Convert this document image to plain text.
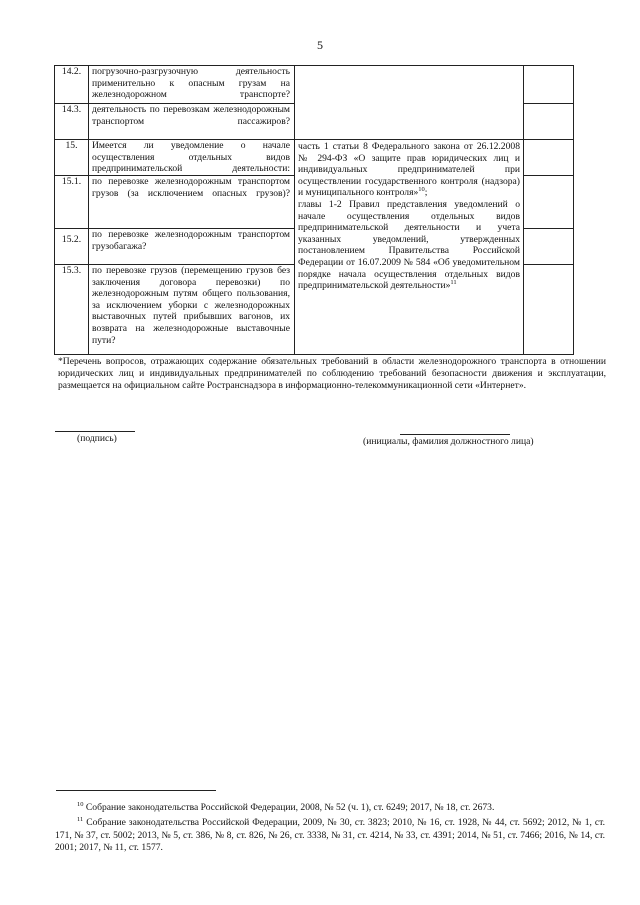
5
14.2.	погрузочно-разгрузочную деятельность применительно к опасным грузам на железнодорожном транспорте?
14.3.	деятельность по перевозкам железнодорожным транспортом пассажиров?
15.	Имеется ли уведомление о начале осуществления отдельных видов предпринимательской деятельности:
15.1.	по перевозке железнодорожным транспортом грузов (за исключением опасных грузов)?
15.2.	по перевозке железнодорожным транспортом грузобагажа?
15.3.	по перевозке грузов (перемещению грузов без заключения договора перевозки) по железнодорожным путям общего пользования, за исключением уборки с железнодорожных выставочных путей прибывших вагонов, их возврата на железнодорожные выставочные пути?
часть 1 статьи 8 Федерального закона от 26.12.2008 № 294-ФЗ «О защите прав юридических лиц и индивидуальных предпринимателей при осуществлении государственного контроля (надзора) и муниципального контроля»$^{10}$;
главы 1-2 Правил представления уведомлений о начале осуществления отдельных видов предпринимательской деятельности и учета указанных уведомлений, утвержденных постановлением Правительства Российской Федерации от 16.07.2009 № 584 «Об уведомительном порядке начала осуществления отдельных видов предпринимательской деятельности»$^{11}$
*Перечень вопросов, отражающих содержание обязательных требований в области железнодорожного транспорта в отношении юридических лиц и индивидуальных предпринимателей по соблюдению требований безопасности движения и эксплуатации, размещается на официальном сайте Ространснадзора в информационно-телекоммуникационной сети «Интернет».
(подпись)	(инициалы, фамилия должностного лица)
$^{10}$ Собрание законодательства Российской Федерации, 2008, № 52 (ч. 1), ст. 6249; 2017, № 18, ст. 2673.
$^{11}$ Собрание законодательства Российской Федерации, 2009, № 30, ст. 3823; 2010, № 16, ст. 1928, № 44, ст. 5692; 2012, № 1, ст. 171, № 37, ст. 5002; 2013, № 5, ст. 386, № 8, ст. 826, № 26, ст. 3338, № 31, ст. 4214, № 33, ст. 4391; 2014, № 51, ст. 7466; 2016, № 14, ст. 2001; 2017, № 11, ст. 1577.
